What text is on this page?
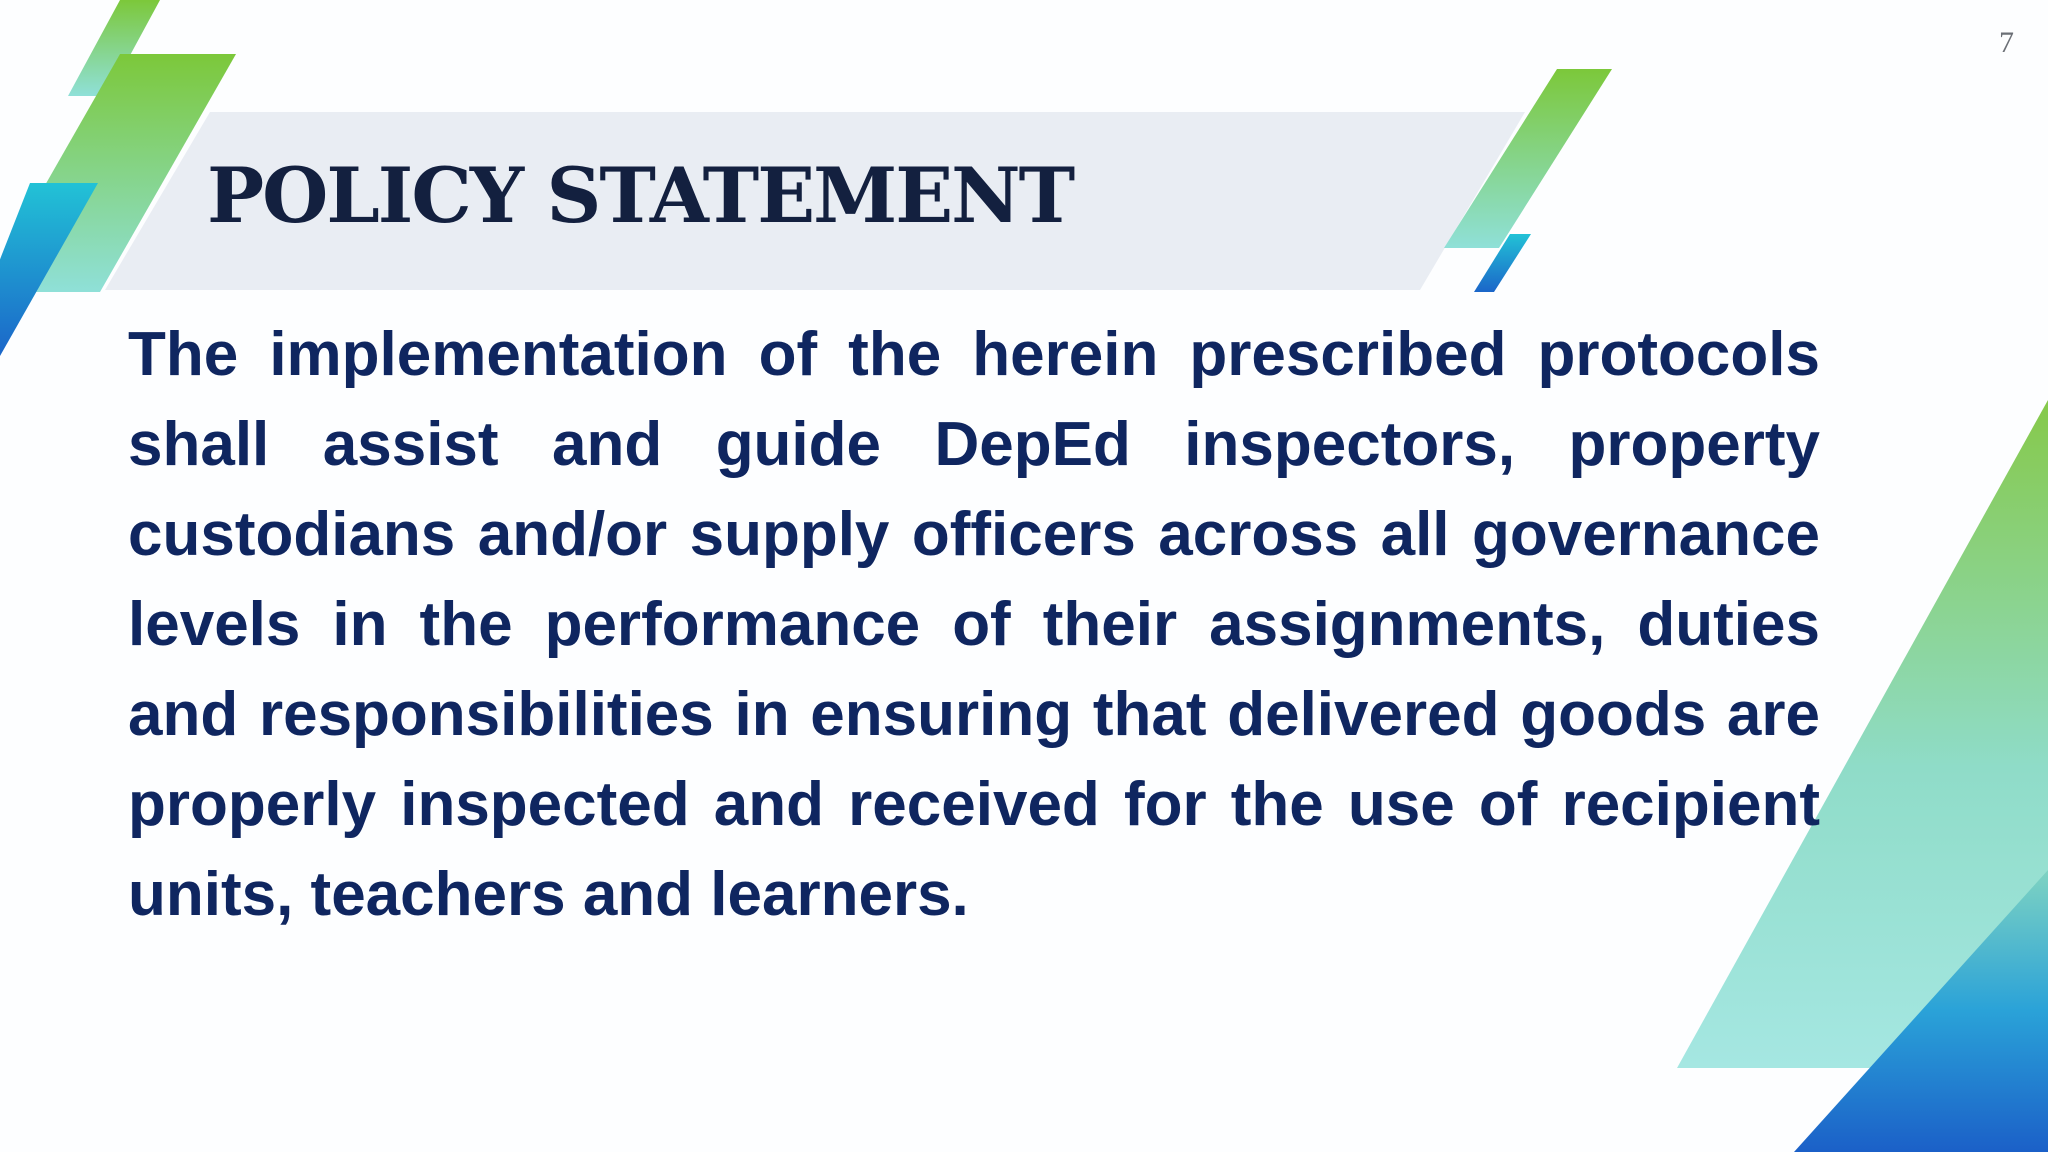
POLICY STATEMENT
7

The implementation of the herein prescribed protocols shall assist and guide DepEd inspectors, property custodians and/or supply officers across all governance levels in the performance of their assignments, duties and responsibilities in ensuring that delivered goods are properly inspected and received for the use of recipient units, teachers and learners.
